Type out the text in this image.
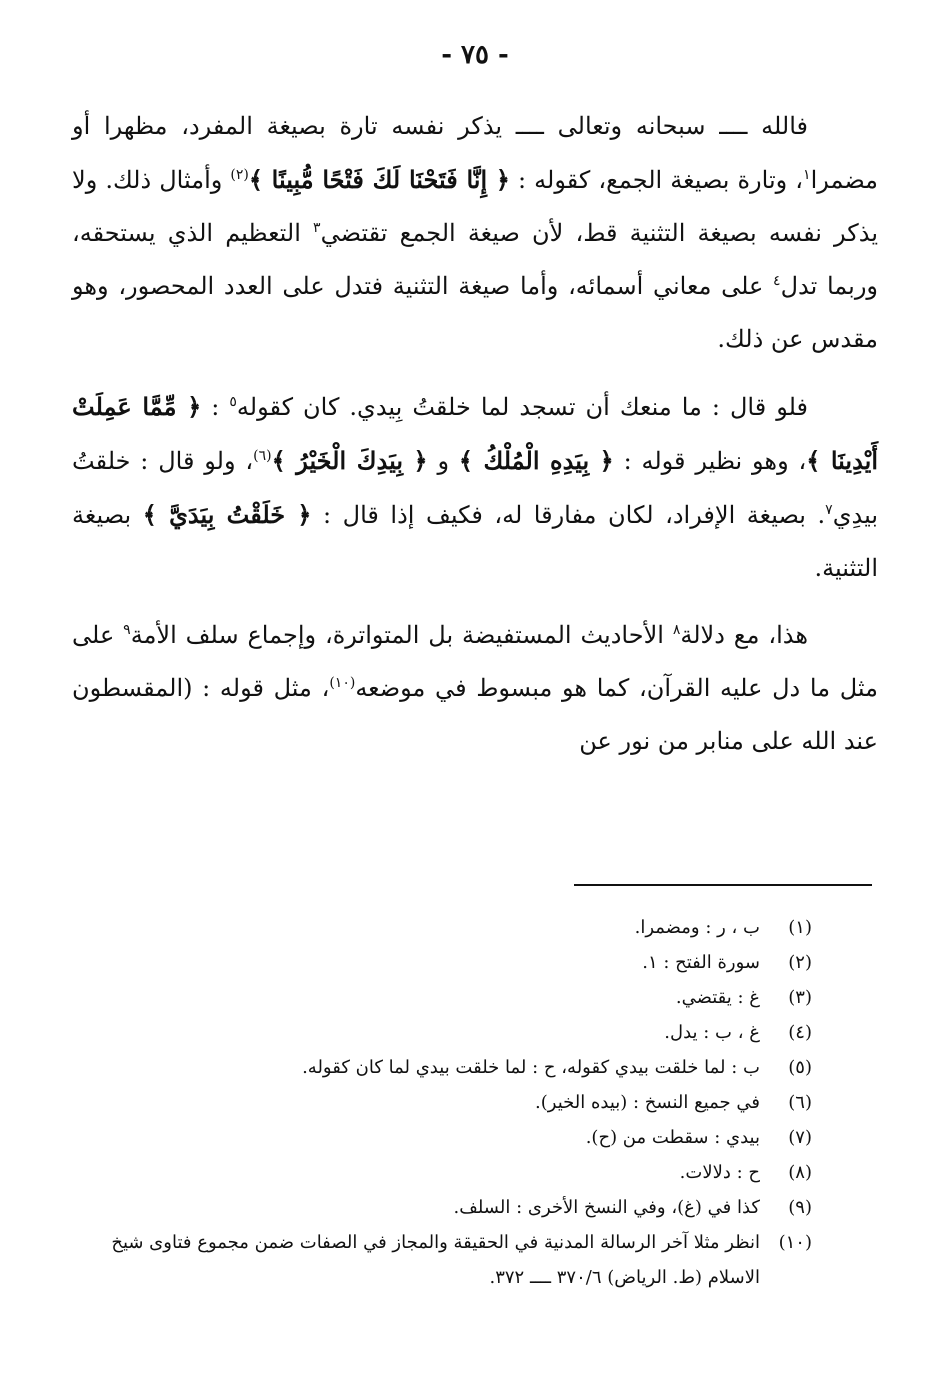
- ٧٥ -

فالله ــــ سبحانه وتعالى ــــ يذكر نفسه تارة بصيغة المفرد، مظهرا أو مضمرا$^١$، وتارة بصيغة الجمع، كقوله : ﴿ إِنَّا فَتَحْنَا لَكَ فَتْحًا مُّبِينًا ﴾$^{(٢)}$ وأمثال ذلك. ولا يذكر نفسه بصيغة التثنية قط، لأن صيغة الجمع تقتضي$^٣$ التعظيم الذي يستحقه، وربما تدل$^٤$ على معاني أسمائه، وأما صيغة التثنية فتدل على العدد المحصور، وهو مقدس عن ذلك.

فلو قال : ما منعك أن تسجد لما خلقتُ بِيدي. كان كقوله$^٥$ : ﴿ مِّمَّا عَمِلَتْ أَيْدِينَا ﴾، وهو نظير قوله : ﴿ بِيَدِهِ الْمُلْكُ ﴾ و ﴿ بِيَدِكَ الْخَيْرُ ﴾$^{(٦)}$، ولو قال : خلقتُ بيدِي$^٧$. بصيغة الإفراد، لكان مفارقا له، فكيف إذا قال : ﴿ خَلَقْتُ بِيَدَيَّ ﴾ بصيغة التثنية.

هذا، مع دلالة$^٨$ الأحاديث المستفيضة بل المتواترة، وإجماع سلف الأمة$^٩$ على مثل ما دل عليه القرآن، كما هو مبسوط في موضعه$^{(١٠)}$، مثل قوله : (المقسطون عند الله على منابر من نور عن

(١)
ب ، ر : ومضمرا.
(٢)
سورة الفتح : ١.
(٣)
غ : يقتضي.
(٤)
غ ، ب : يدل.
(٥)
ب : لما خلقت بيدي كقوله، ح : لما خلقت بيدي لما كان كقوله.
(٦)
في جميع النسخ : (بيده الخير).
(٧)
بيدي : سقطت من (ح).
(٨)
ح : دلالات.
(٩)
كذا في (غ)، وفي النسخ الأخرى : السلف.
(١٠)
انظر مثلا آخر الرسالة المدنية في الحقيقة والمجاز في الصفات ضمن مجموع فتاوى شيخ الاسلام (ط. الرياض) ٣٧٠/٦ ــــ ٣٧٢.
